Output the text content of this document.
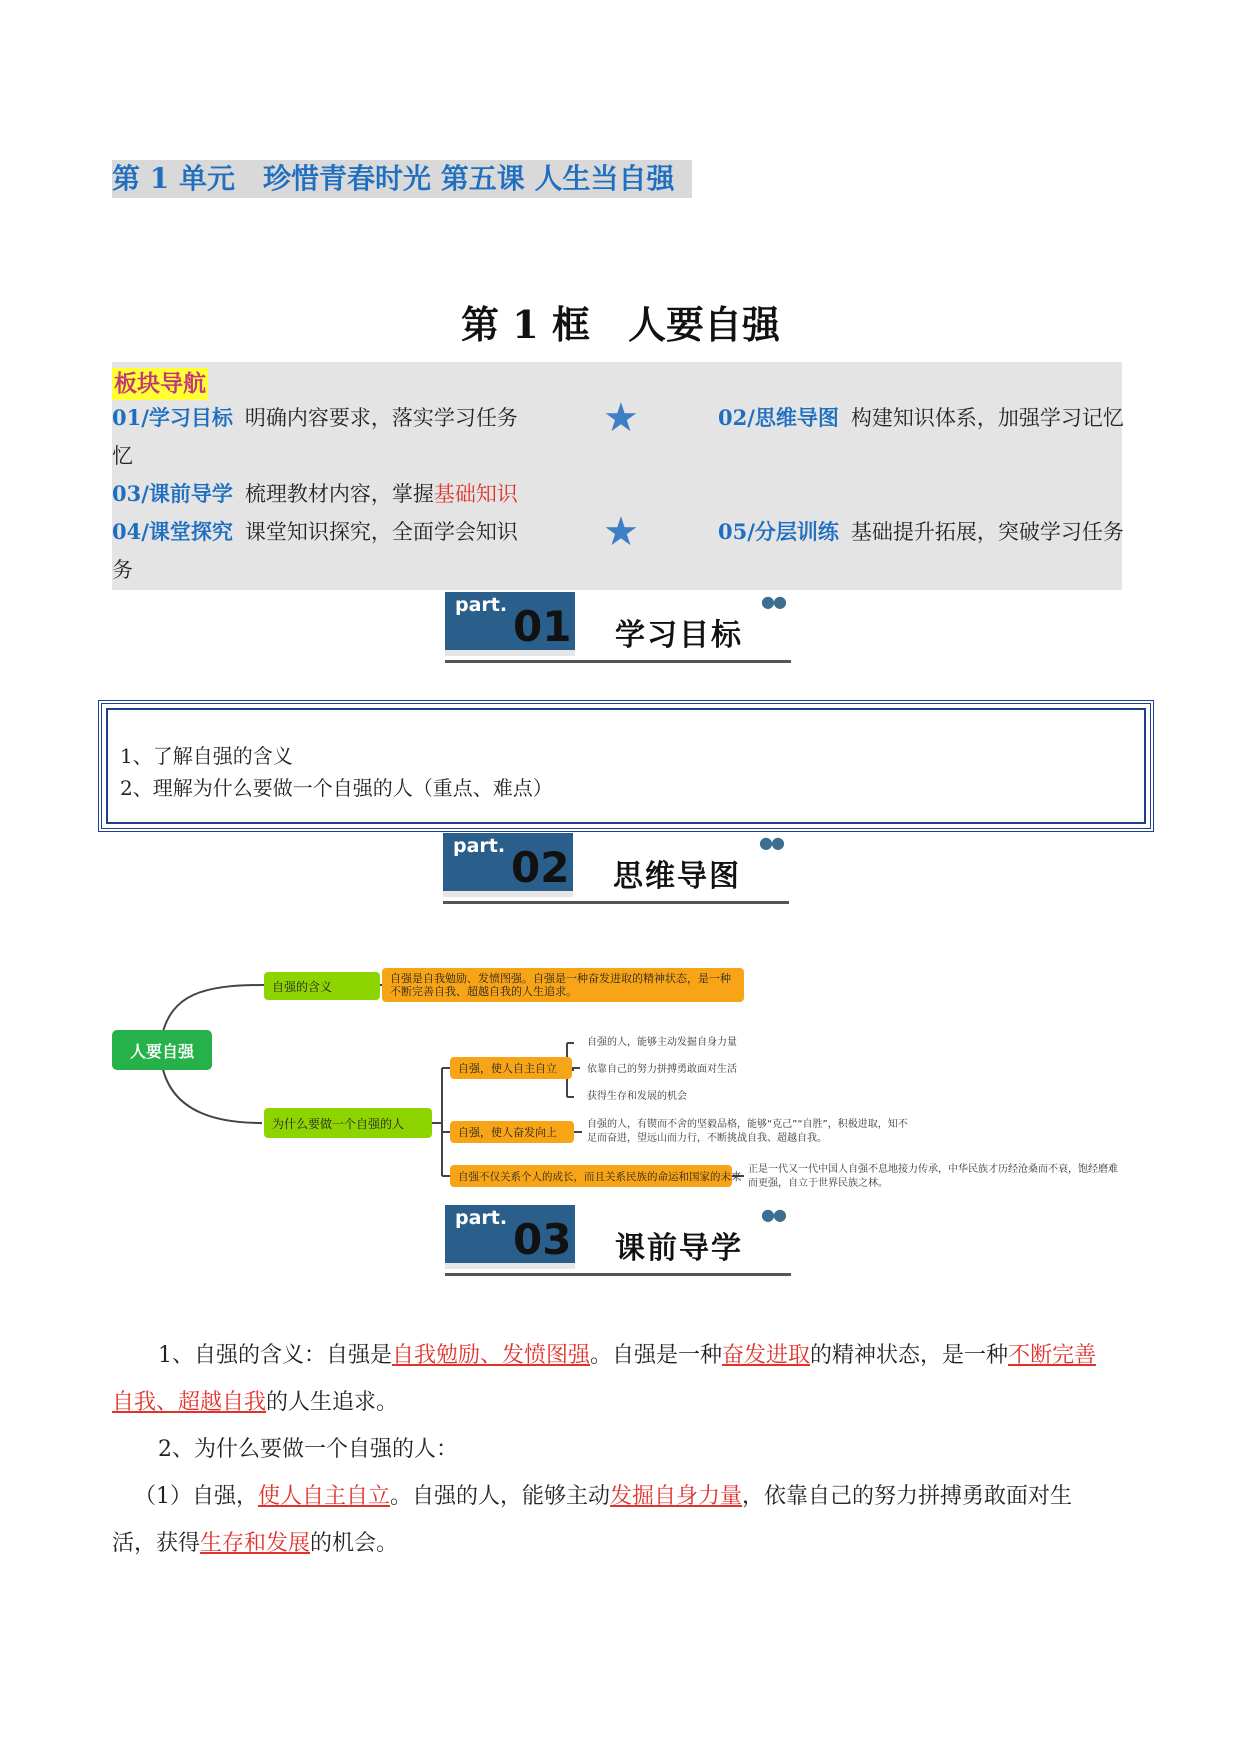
第 1 单元　珍惜青春时光 第五课 人生当自强
第 1 框　人要自强
板块导航
01/学习目标 明确内容要求，落实学习任务 ★	02/思维导图 构建知识体系，加强学习记忆
忆
03/课前导学 梳理教材内容，掌握基础知识
04/课堂探究 课堂知识探究，全面学会知识 ★	05/分层训练 基础提升拓展，突破学习任务
务
part. 01 学习目标
●●
1、了解自强的含义
2、理解为什么要做一个自强的人（重点、难点）
part. 02 思维导图
●●
人要自强
自强的含义
自强是自我勉励、发愤图强。自强是一种奋发进取的精神状态，是一种不断完善自我、超越自我的人生追求。
为什么要做一个自强的人
自强，使人自主自立
自强的人，能够主动发掘自身力量
依靠自己的努力拼搏勇敢面对生活
获得生存和发展的机会
自强，使人奋发向上
自强的人，有锲而不舍的坚毅品格，能够“克己”“自胜”，积极进取，知不足而奋进，望远山而力行，不断挑战自我、超越自我。
自强不仅关系个人的成长，而且关系民族的命运和国家的未来
正是一代又一代中国人自强不息地接力传承，中华民族才历经沧桑而不衰，饱经磨难而更强，自立于世界民族之林。
part. 03 课前导学
●●
1、自强的含义：自强是自我勉励、发愤图强。自强是一种奋发进取的精神状态，是一种不断完善自我、超越自我的人生追求。
2、为什么要做一个自强的人：
（1）自强，使人自主自立。自强的人，能够主动发掘自身力量，依靠自己的努力拼搏勇敢面对生活，获得生存和发展的机会。
